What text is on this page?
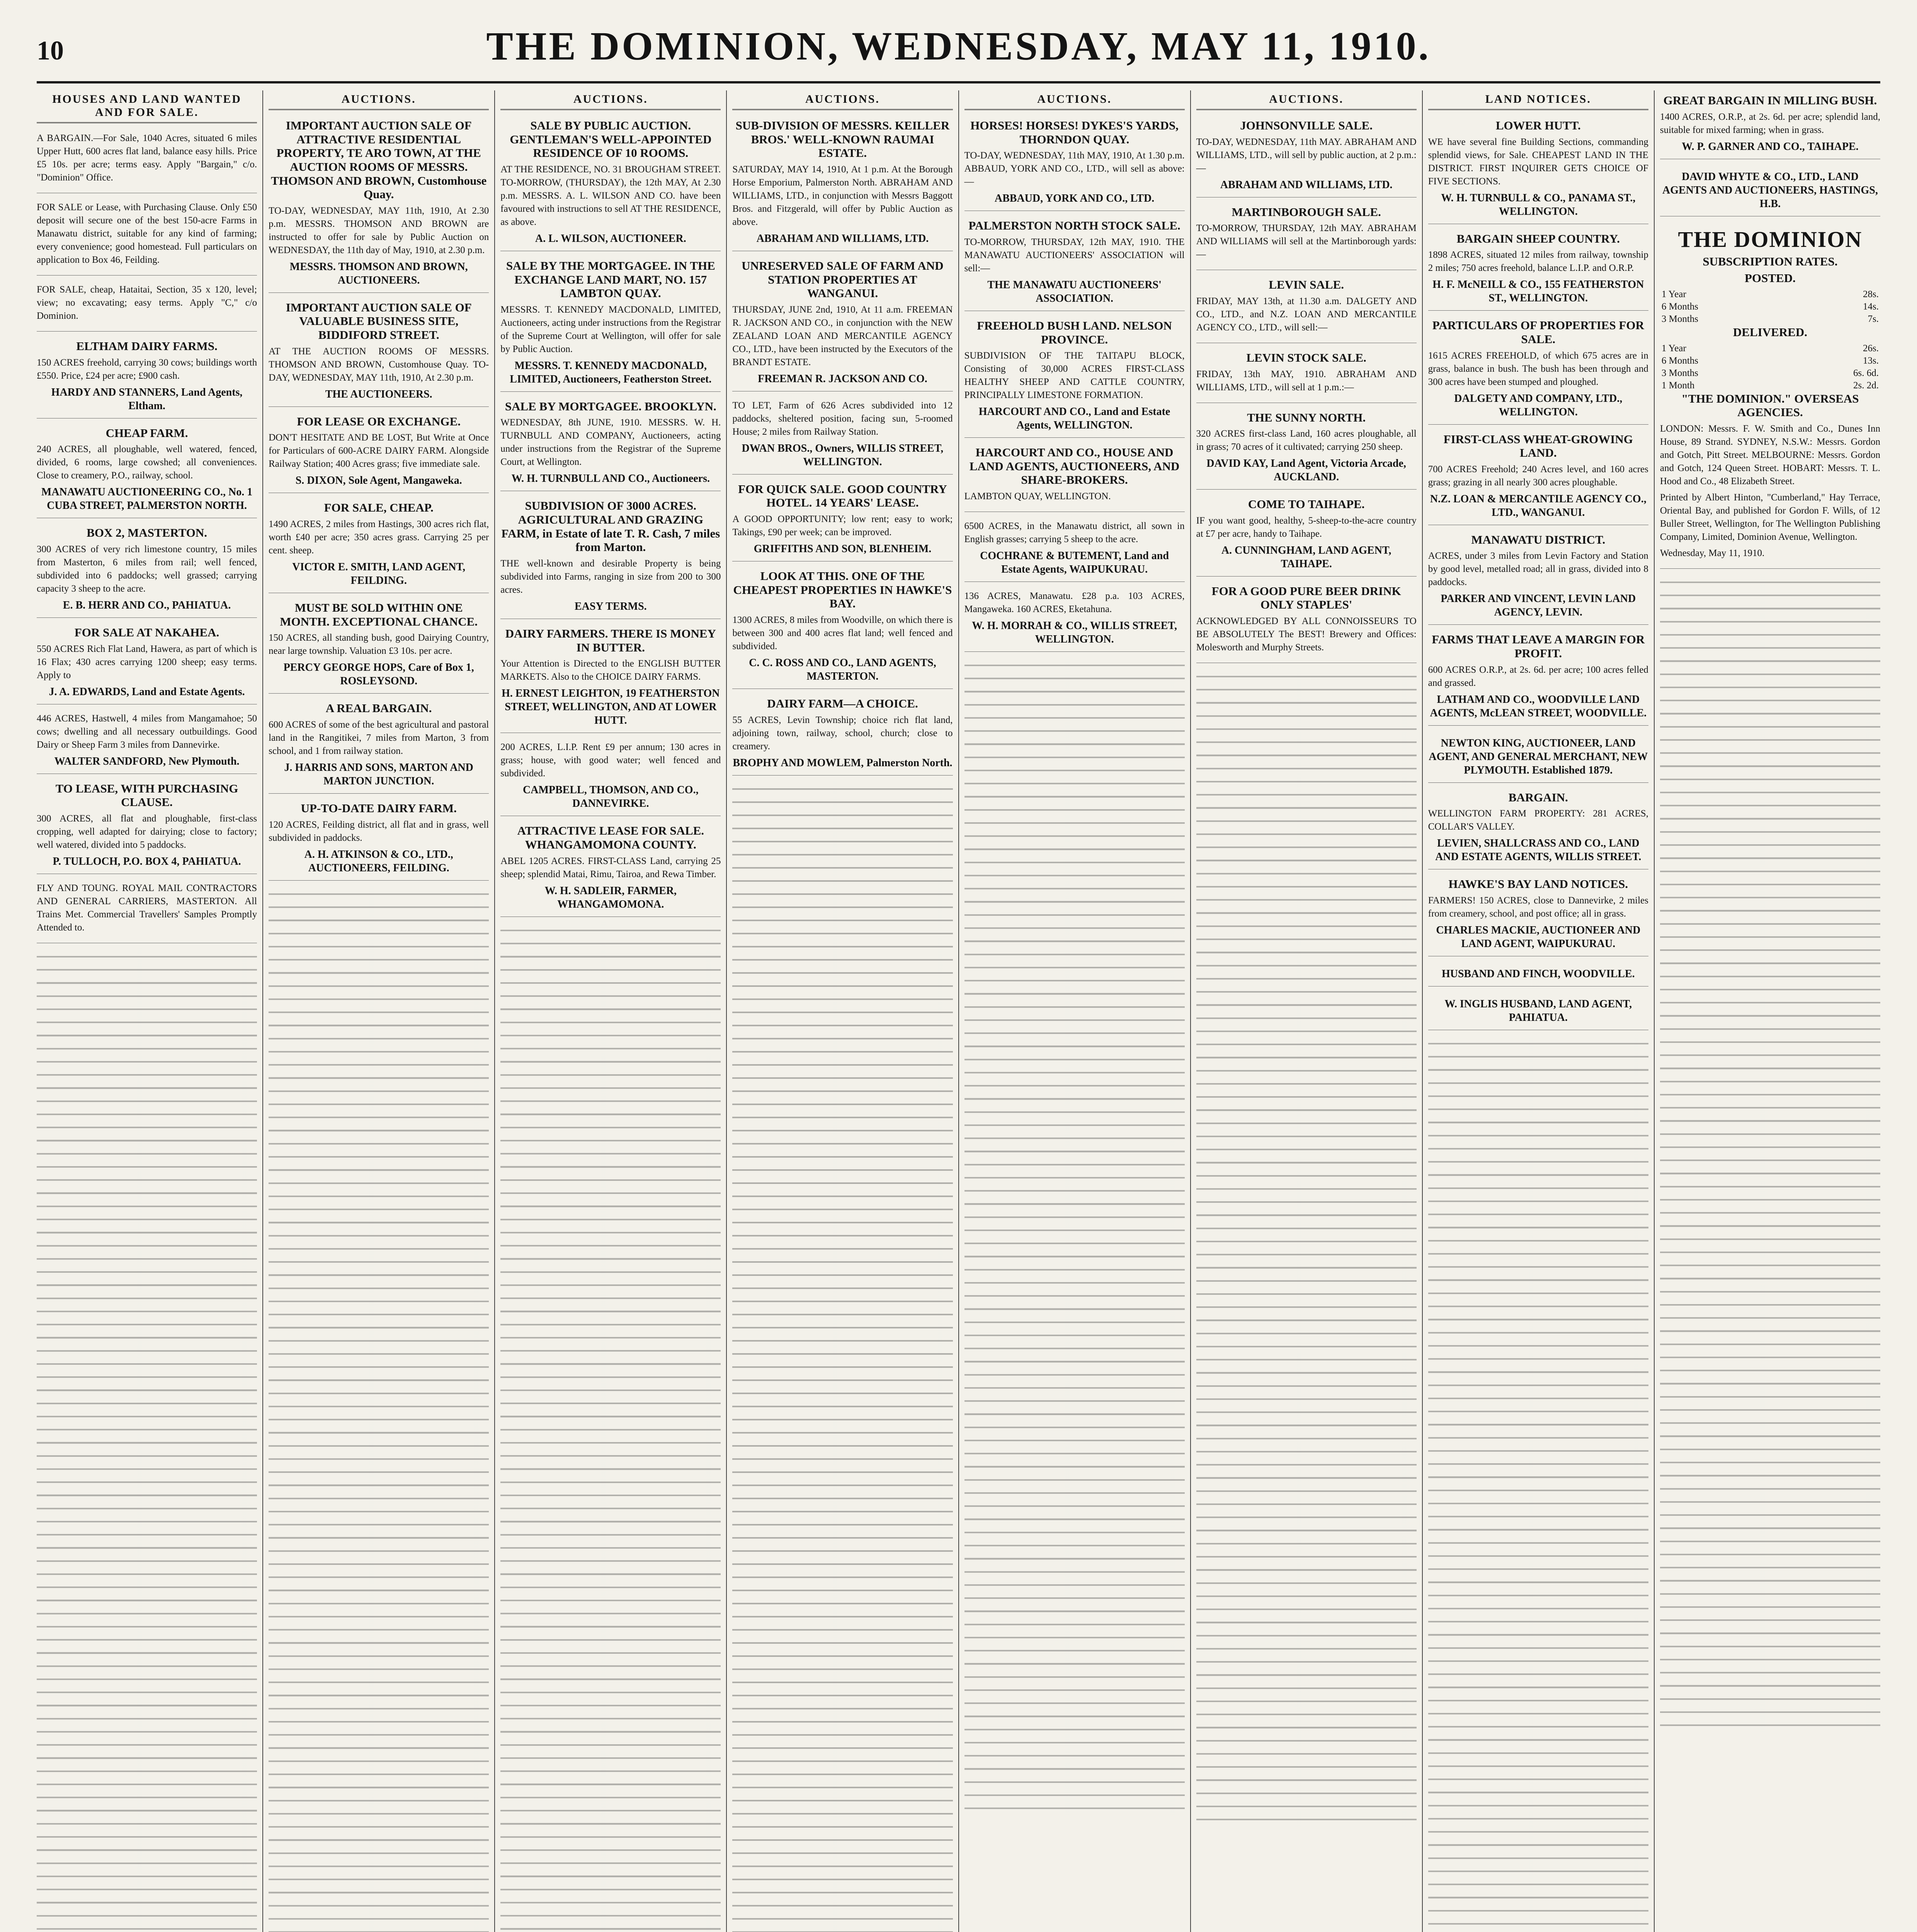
10	THE DOMINION, WEDNESDAY, MAY 11, 1910.
HOUSES AND LAND WANTED AND FOR SALE.

A BARGAIN.—For Sale, 1040 Acres, situated 6 miles Upper Hutt, 600 acres flat land, balance easy hills. Price £5 10s. per acre; terms easy. Apply "Bargain," c/o. "Dominion" Office.

FOR SALE or Lease, with Purchasing Clause. Only £50 deposit will secure one of the best 150-acre Farms in Manawatu district, suitable for any kind of farming; every convenience; good homestead. Full particulars on application to Box 46, Feilding.

FOR SALE, cheap, Hataitai, Section, 35 x 120, level; view; no excavating; easy terms. Apply "C," c/o Dominion.

ELTHAM DAIRY FARMS.

150 ACRES freehold, carrying 30 cows; buildings worth £550. Price, £24 per acre; £900 cash.

HARDY AND STANNERS, Land Agents, Eltham.
CHEAP FARM.

240 ACRES, all ploughable, well watered, fenced, divided, 6 rooms, large cowshed; all conveniences. Close to creamery, P.O., railway, school.

MANAWATU AUCTIONEERING CO., No. 1 CUBA STREET, PALMERSTON NORTH.
BOX 2, MASTERTON.

300 ACRES of very rich limestone country, 15 miles from Masterton, 6 miles from rail; well fenced, subdivided into 6 paddocks; well grassed; carrying capacity 3 sheep to the acre.

E. B. HERR AND CO., PAHIATUA.
FOR SALE AT NAKAHEA.

550 ACRES Rich Flat Land, Hawera, as part of which is 16 Flax; 430 acres carrying 1200 sheep; easy terms. Apply to

J. A. EDWARDS, Land and Estate Agents.

446 ACRES, Hastwell, 4 miles from Mangamahoe; 50 cows; dwelling and all necessary outbuildings. Good Dairy or Sheep Farm 3 miles from Dannevirke.

WALTER SANDFORD, New Plymouth.
TO LEASE, WITH PURCHASING CLAUSE.

300 ACRES, all flat and ploughable, first-class cropping, well adapted for dairying; close to factory; well watered, divided into 5 paddocks.

P. TULLOCH, P.O. BOX 4, PAHIATUA.

FLY AND TOUNG. ROYAL MAIL CONTRACTORS AND GENERAL CARRIERS, MASTERTON. All Trains Met. Commercial Travellers' Samples Promptly Attended to.

AUCTIONS.
IMPORTANT AUCTION SALE OF ATTRACTIVE RESIDENTIAL PROPERTY, TE ARO TOWN, AT THE AUCTION ROOMS OF MESSRS. THOMSON AND BROWN, Customhouse Quay.

TO-DAY, WEDNESDAY, MAY 11th, 1910, At 2.30 p.m. MESSRS. THOMSON AND BROWN are instructed to offer for sale by Public Auction on WEDNESDAY, the 11th day of May, 1910, at 2.30 p.m.

MESSRS. THOMSON AND BROWN, AUCTIONEERS.
IMPORTANT AUCTION SALE OF VALUABLE BUSINESS SITE, BIDDIFORD STREET.

AT THE AUCTION ROOMS OF MESSRS. THOMSON AND BROWN, Customhouse Quay. TO-DAY, WEDNESDAY, MAY 11th, 1910, At 2.30 p.m.

THE AUCTIONEERS.
FOR LEASE OR EXCHANGE.

DON'T HESITATE AND BE LOST, But Write at Once for Particulars of 600-ACRE DAIRY FARM. Alongside Railway Station; 400 Acres grass; five immediate sale.

S. DIXON, Sole Agent, Mangaweka.
FOR SALE, CHEAP.

1490 ACRES, 2 miles from Hastings, 300 acres rich flat, worth £40 per acre; 350 acres grass. Carrying 25 per cent. sheep.

VICTOR E. SMITH, LAND AGENT, FEILDING.
MUST BE SOLD WITHIN ONE MONTH. EXCEPTIONAL CHANCE.

150 ACRES, all standing bush, good Dairying Country, near large township. Valuation £3 10s. per acre.

PERCY GEORGE HOPS, Care of Box 1, ROSLEYSOND.
A REAL BARGAIN.

600 ACRES of some of the best agricultural and pastoral land in the Rangitikei, 7 miles from Marton, 3 from school, and 1 from railway station.

J. HARRIS AND SONS, MARTON AND MARTON JUNCTION.
UP-TO-DATE DAIRY FARM.

120 ACRES, Feilding district, all flat and in grass, well subdivided in paddocks.

A. H. ATKINSON & CO., LTD., AUCTIONEERS, FEILDING.
AUCTIONS.
SALE BY PUBLIC AUCTION. GENTLEMAN'S WELL-APPOINTED RESIDENCE OF 10 ROOMS.

AT THE RESIDENCE, NO. 31 BROUGHAM STREET. TO-MORROW, (THURSDAY), the 12th MAY, At 2.30 p.m. MESSRS. A. L. WILSON AND CO. have been favoured with instructions to sell AT THE RESIDENCE, as above.

A. L. WILSON, AUCTIONEER.
SALE BY THE MORTGAGEE. IN THE EXCHANGE LAND MART, NO. 157 LAMBTON QUAY.

MESSRS. T. KENNEDY MACDONALD, LIMITED, Auctioneers, acting under instructions from the Registrar of the Supreme Court at Wellington, will offer for sale by Public Auction.

MESSRS. T. KENNEDY MACDONALD, LIMITED, Auctioneers, Featherston Street.
SALE BY MORTGAGEE. BROOKLYN.

WEDNESDAY, 8th JUNE, 1910. MESSRS. W. H. TURNBULL AND COMPANY, Auctioneers, acting under instructions from the Registrar of the Supreme Court, at Wellington.

W. H. TURNBULL AND CO., Auctioneers.
SUBDIVISION OF 3000 ACRES. AGRICULTURAL AND GRAZING FARM, in Estate of late T. R. Cash, 7 miles from Marton.

THE well-known and desirable Property is being subdivided into Farms, ranging in size from 200 to 300 acres.

EASY TERMS.
DAIRY FARMERS. THERE IS MONEY IN BUTTER.

Your Attention is Directed to the ENGLISH BUTTER MARKETS. Also to the CHOICE DAIRY FARMS.

H. ERNEST LEIGHTON, 19 FEATHERSTON STREET, WELLINGTON, AND AT LOWER HUTT.

200 ACRES, L.I.P. Rent £9 per annum; 130 acres in grass; house, with good water; well fenced and subdivided.

CAMPBELL, THOMSON, AND CO., DANNEVIRKE.
ATTRACTIVE LEASE FOR SALE. WHANGAMOMONA COUNTY.

ABEL 1205 ACRES. FIRST-CLASS Land, carrying 25 sheep; splendid Matai, Rimu, Tairoa, and Rewa Timber.

W. H. SADLEIR, FARMER, WHANGAMOMONA.
AUCTIONS.
SUB-DIVISION OF MESSRS. KEILLER BROS.' WELL-KNOWN RAUMAI ESTATE.

SATURDAY, MAY 14, 1910, At 1 p.m. At the Borough Horse Emporium, Palmerston North. ABRAHAM AND WILLIAMS, LTD., in conjunction with Messrs Baggott Bros. and Fitzgerald, will offer by Public Auction as above.

ABRAHAM AND WILLIAMS, LTD.
UNRESERVED SALE OF FARM AND STATION PROPERTIES AT WANGANUI.

THURSDAY, JUNE 2nd, 1910, At 11 a.m. FREEMAN R. JACKSON AND CO., in conjunction with the NEW ZEALAND LOAN AND MERCANTILE AGENCY CO., LTD., have been instructed by the Executors of the BRANDT ESTATE.

FREEMAN R. JACKSON AND CO.

TO LET, Farm of 626 Acres subdivided into 12 paddocks, sheltered position, facing sun, 5-roomed House; 2 miles from Railway Station.

DWAN BROS., Owners, WILLIS STREET, WELLINGTON.
FOR QUICK SALE. GOOD COUNTRY HOTEL. 14 YEARS' LEASE.

A GOOD OPPORTUNITY; low rent; easy to work; Takings, £90 per week; can be improved.

GRIFFITHS AND SON, BLENHEIM.
LOOK AT THIS. ONE OF THE CHEAPEST PROPERTIES IN HAWKE'S BAY.

1300 ACRES, 8 miles from Woodville, on which there is between 300 and 400 acres flat land; well fenced and subdivided.

C. C. ROSS AND CO., LAND AGENTS, MASTERTON.
DAIRY FARM—A CHOICE.

55 ACRES, Levin Township; choice rich flat land, adjoining town, railway, school, church; close to creamery.

BROPHY AND MOWLEM, Palmerston North.
AUCTIONS.
HORSES! HORSES! DYKES'S YARDS, THORNDON QUAY.

TO-DAY, WEDNESDAY, 11th MAY, 1910, At 1.30 p.m. ABBAUD, YORK AND CO., LTD., will sell as above:—

ABBAUD, YORK AND CO., LTD.
PALMERSTON NORTH STOCK SALE.

TO-MORROW, THURSDAY, 12th MAY, 1910. THE MANAWATU AUCTIONEERS' ASSOCIATION will sell:—

THE MANAWATU AUCTIONEERS' ASSOCIATION.
FREEHOLD BUSH LAND. NELSON PROVINCE.

SUBDIVISION OF THE TAITAPU BLOCK, Consisting of 30,000 ACRES FIRST-CLASS HEALTHY SHEEP AND CATTLE COUNTRY, PRINCIPALLY LIMESTONE FORMATION.

HARCOURT AND CO., Land and Estate Agents, WELLINGTON.
HARCOURT AND CO., HOUSE AND LAND AGENTS, AUCTIONEERS, AND SHARE-BROKERS.

LAMBTON QUAY, WELLINGTON.

6500 ACRES, in the Manawatu district, all sown in English grasses; carrying 5 sheep to the acre.

COCHRANE & BUTEMENT, Land and Estate Agents, WAIPUKURAU.

136 ACRES, Manawatu. £28 p.a. 103 ACRES, Mangaweka. 160 ACRES, Eketahuna.

W. H. MORRAH & CO., WILLIS STREET, WELLINGTON.
AUCTIONS.
JOHNSONVILLE SALE.

TO-DAY, WEDNESDAY, 11th MAY. ABRAHAM AND WILLIAMS, LTD., will sell by public auction, at 2 p.m.:—

ABRAHAM AND WILLIAMS, LTD.
MARTINBOROUGH SALE.

TO-MORROW, THURSDAY, 12th MAY. ABRAHAM AND WILLIAMS will sell at the Martinborough yards:—

LEVIN SALE.

FRIDAY, MAY 13th, at 11.30 a.m. DALGETY AND CO., LTD., and N.Z. LOAN AND MERCANTILE AGENCY CO., LTD., will sell:—

LEVIN STOCK SALE.

FRIDAY, 13th MAY, 1910. ABRAHAM AND WILLIAMS, LTD., will sell at 1 p.m.:—

THE SUNNY NORTH.

320 ACRES first-class Land, 160 acres ploughable, all in grass; 70 acres of it cultivated; carrying 250 sheep.

DAVID KAY, Land Agent, Victoria Arcade, AUCKLAND.
COME TO TAIHAPE.

IF you want good, healthy, 5-sheep-to-the-acre country at £7 per acre, handy to Taihape.

A. CUNNINGHAM, LAND AGENT, TAIHAPE.
FOR A GOOD PURE BEER DRINK ONLY STAPLES'

ACKNOWLEDGED BY ALL CONNOISSEURS TO BE ABSOLUTELY The BEST! Brewery and Offices: Molesworth and Murphy Streets.

LAND NOTICES.
LOWER HUTT.

WE have several fine Building Sections, commanding splendid views, for Sale. CHEAPEST LAND IN THE DISTRICT. FIRST INQUIRER GETS CHOICE OF FIVE SECTIONS.

W. H. TURNBULL & CO., PANAMA ST., WELLINGTON.
BARGAIN SHEEP COUNTRY.

1898 ACRES, situated 12 miles from railway, township 2 miles; 750 acres freehold, balance L.I.P. and O.R.P.

H. F. McNEILL & CO., 155 FEATHERSTON ST., WELLINGTON.
PARTICULARS OF PROPERTIES FOR SALE.

1615 ACRES FREEHOLD, of which 675 acres are in grass, balance in bush. The bush has been through and 300 acres have been stumped and ploughed.

DALGETY AND COMPANY, LTD., WELLINGTON.
FIRST-CLASS WHEAT-GROWING LAND.

700 ACRES Freehold; 240 Acres level, and 160 acres grass; grazing in all nearly 300 acres ploughable.

N.Z. LOAN & MERCANTILE AGENCY CO., LTD., WANGANUI.
MANAWATU DISTRICT.

ACRES, under 3 miles from Levin Factory and Station by good level, metalled road; all in grass, divided into 8 paddocks.

PARKER AND VINCENT, LEVIN LAND AGENCY, LEVIN.
FARMS THAT LEAVE A MARGIN FOR PROFIT.

600 ACRES O.R.P., at 2s. 6d. per acre; 100 acres felled and grassed.

LATHAM AND CO., WOODVILLE LAND AGENTS, McLEAN STREET, WOODVILLE.
NEWTON KING, AUCTIONEER, LAND AGENT, AND GENERAL MERCHANT, NEW PLYMOUTH. Established 1879.
BARGAIN.

WELLINGTON FARM PROPERTY: 281 ACRES, COLLAR'S VALLEY.

LEVIEN, SHALLCRASS AND CO., LAND AND ESTATE AGENTS, WILLIS STREET.
HAWKE'S BAY LAND NOTICES.

FARMERS! 150 ACRES, close to Dannevirke, 2 miles from creamery, school, and post office; all in grass.

CHARLES MACKIE, AUCTIONEER AND LAND AGENT, WAIPUKURAU.
HUSBAND AND FINCH, WOODVILLE.
W. INGLIS HUSBAND, LAND AGENT, PAHIATUA.
GREAT BARGAIN IN MILLING BUSH.

1400 ACRES, O.R.P., at 2s. 6d. per acre; splendid land, suitable for mixed farming; when in grass.

W. P. GARNER AND CO., TAIHAPE.
DAVID WHYTE & CO., LTD., LAND AGENTS AND AUCTIONEERS, HASTINGS, H.B.
THE DOMINION
SUBSCRIPTION RATES.
POSTED.
1 Year	28s.
6 Months	14s.
3 Months	7s.
DELIVERED.
1 Year	26s.
6 Months	13s.
3 Months	6s. 6d.
1 Month	2s. 2d.
"THE DOMINION." OVERSEAS AGENCIES.

LONDON: Messrs. F. W. Smith and Co., Dunes Inn House, 89 Strand. SYDNEY, N.S.W.: Messrs. Gordon and Gotch, Pitt Street. MELBOURNE: Messrs. Gordon and Gotch, 124 Queen Street. HOBART: Messrs. T. L. Hood and Co., 48 Elizabeth Street.

Printed by Albert Hinton, "Cumberland," Hay Terrace, Oriental Bay, and published for Gordon F. Wills, of 12 Buller Street, Wellington, for The Wellington Publishing Company, Limited, Dominion Avenue, Wellington.

Wednesday, May 11, 1910.
